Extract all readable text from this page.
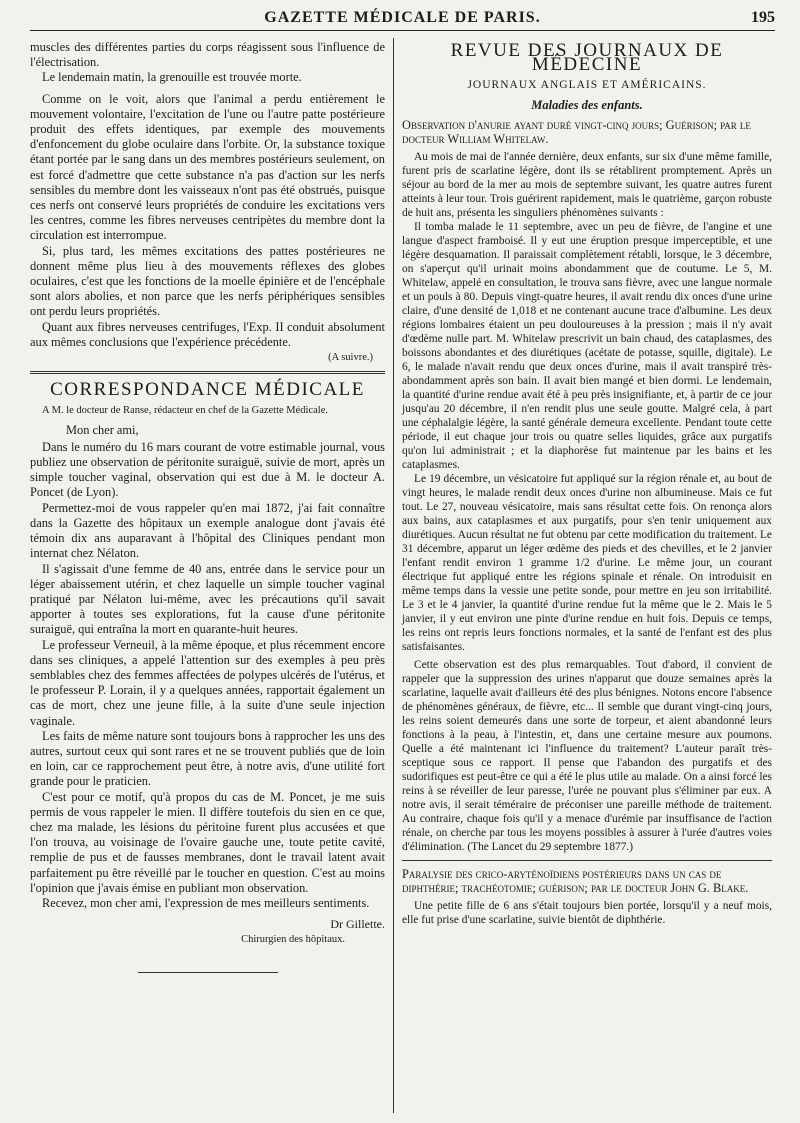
GAZETTE MÉDICALE DE PARIS.	195

muscles des différentes parties du corps réagissent sous l'influence de l'électrisation.

Le lendemain matin, la grenouille est trouvée morte.

Comme on le voit, alors que l'animal a perdu entièrement le mouvement volontaire, l'excitation de l'une ou l'autre patte postérieure produit des effets identiques, par exemple des mouvements d'enfoncement du globe oculaire dans l'orbite. Or, la substance toxique étant portée par le sang dans un des membres postérieurs seulement, on est forcé d'admettre que cette substance n'a pas d'action sur les nerfs sensibles du membre dont les vaisseaux n'ont pas été obstrués, puisque ces nerfs ont conservé leurs propriétés de conduire les excitations vers les centres, comme les fibres nerveuses centripètes du membre dont la circulation est interrompue.

Si, plus tard, les mêmes excitations des pattes postérieures ne donnent même plus lieu à des mouvements réflexes des globes oculaires, c'est que les fonctions de la moelle épinière et de l'encéphale sont alors abolies, et non parce que les nerfs périphériques sensibles ont perdu leurs propriétés.

Quant aux fibres nerveuses centrifuges, l'Exp. II conduit absolument aux mêmes conclusions que l'expérience précédente.

(A suivre.)
CORRESPONDANCE MÉDICALE
A M. le docteur de Ranse, rédacteur en chef de la Gazette Médicale.

Mon cher ami,

Dans le numéro du 16 mars courant de votre estimable journal, vous publiez une observation de péritonite suraiguë, suivie de mort, après un simple toucher vaginal, observation qui est due à M. le docteur A. Poncet (de Lyon).

Permettez-moi de vous rappeler qu'en mai 1872, j'ai fait connaître dans la Gazette des hôpitaux un exemple analogue dont j'avais été témoin dix ans auparavant à l'hôpital des Cliniques pendant mon internat chez Nélaton.

Il s'agissait d'une femme de 40 ans, entrée dans le service pour un léger abaissement utérin, et chez laquelle un simple toucher vaginal pratiqué par Nélaton lui-même, avec les précautions qu'il savait apporter à toutes ses explorations, fut la cause d'une péritonite suraiguë, qui entraîna la mort en quarante-huit heures.

Le professeur Verneuil, à la même époque, et plus récemment encore dans ses cliniques, a appelé l'attention sur des exemples à peu près semblables chez des femmes affectées de polypes ulcérés de l'utérus, et le professeur P. Lorain, il y a quelques années, rapportait également un cas de mort, chez une jeune fille, à la suite d'une seule injection vaginale.

Les faits de même nature sont toujours bons à rapprocher les uns des autres, surtout ceux qui sont rares et ne se trouvent publiés que de loin en loin, car ce rapprochement peut être, à notre avis, d'une utilité fort grande pour le praticien.

C'est pour ce motif, qu'à propos du cas de M. Poncet, je me suis permis de vous rappeler le mien. Il diffère toutefois du sien en ce que, chez ma malade, les lésions du péritoine furent plus accusées et que l'on trouva, au voisinage de l'ovaire gauche une, toute petite cavité, remplie de pus et de fausses membranes, dont le travail latent avait parfaitement pu être réveillé par le toucher en question. C'est au moins l'opinion que j'avais émise en publiant mon observation.

Recevez, mon cher ami, l'expression de mes meilleurs sentiments.

Dr Gillette.
Chirurgien des hôpitaux.
REVUE DES JOURNAUX DE MÉDECINE
JOURNAUX ANGLAIS ET AMÉRICAINS.
Maladies des enfants.
Observation d'anurie ayant duré vingt-cinq jours; Guérison; par le docteur William Whitelaw.

Au mois de mai de l'année dernière, deux enfants, sur six d'une même famille, furent pris de scarlatine légère, dont ils se rétablirent promptement. Après un séjour au bord de la mer au mois de septembre suivant, les quatre autres furent atteints à leur tour. Trois guérirent rapidement, mais le quatrième, garçon robuste de huit ans, présenta les singuliers phénomènes suivants :

Il tomba malade le 11 septembre, avec un peu de fièvre, de l'angine et une langue d'aspect framboisé. Il y eut une éruption presque imperceptible, et une légère desquamation. Il paraissait complètement rétabli, lorsque, le 3 décembre, on s'aperçut qu'il urinait moins abondamment que de coutume. Le 5, M. Whitelaw, appelé en consultation, le trouva sans fièvre, avec une langue normale et un pouls à 80. Depuis vingt-quatre heures, il avait rendu dix onces d'une urine claire, d'une densité de 1,018 et ne contenant aucune trace d'albumine. Les deux régions lombaires étaient un peu douloureuses à la pression ; mais il n'y avait d'œdème nulle part. M. Whitelaw prescrivit un bain chaud, des cataplasmes, des boissons abondantes et des diurétiques (acétate de potasse, squille, digitale). Le 6, le malade n'avait rendu que deux onces d'urine, mais il avait transpiré très-abondamment après son bain. Il avait bien mangé et bien dormi. Le lendemain, la quantité d'urine rendue avait été à peu près insignifiante, et, à partir de ce jour jusqu'au 20 décembre, il n'en rendit plus une seule goutte. Malgré cela, à part une céphalalgie légère, la santé générale demeura excellente. Pendant toute cette période, il eut chaque jour trois ou quatre selles liquides, grâce aux purgatifs qu'on lui administrait ; et la diaphorèse fut maintenue par les bains et les cataplasmes.

Le 19 décembre, un vésicatoire fut appliqué sur la région rénale et, au bout de vingt heures, le malade rendit deux onces d'urine non albumineuse. Mais ce fut tout. Le 27, nouveau vésicatoire, mais sans résultat cette fois. On renonça alors aux bains, aux cataplasmes et aux purgatifs, pour s'en tenir uniquement aux diurétiques. Aucun résultat ne fut obtenu par cette modification du traitement. Le 31 décembre, apparut un léger œdème des pieds et des chevilles, et le 2 janvier l'enfant rendit environ 1 gramme 1/2 d'urine. Le même jour, un courant électrique fut appliqué entre les régions spinale et rénale. On introduisit en même temps dans la vessie une petite sonde, pour mettre en jeu son irritabilité. Le 3 et le 4 janvier, la quantité d'urine rendue fut la même que le 2. Mais le 5 janvier, il y eut environ une pinte d'urine rendue en huit fois. Depuis ce temps, les reins ont repris leurs fonctions normales, et la santé de l'enfant est des plus satisfaisantes.

Cette observation est des plus remarquables. Tout d'abord, il convient de rappeler que la suppression des urines n'apparut que douze semaines après la scarlatine, laquelle avait d'ailleurs été des plus bénignes. Notons encore l'absence de phénomènes généraux, de fièvre, etc... Il semble que durant vingt-cinq jours, les reins soient demeurés dans une sorte de torpeur, et aient abandonné leurs fonctions à la peau, à l'intestin, et, dans une certaine mesure aux poumons. Quelle a été maintenant ici l'influence du traitement? L'auteur paraît très-sceptique sous ce rapport. Il pense que l'abandon des purgatifs et des sudorifiques est peut-être ce qui a été le plus utile au malade. On a ainsi forcé les reins à se réveiller de leur paresse, l'urée ne pouvant plus s'éliminer par eux. A notre avis, il serait téméraire de préconiser une pareille méthode de traitement. Au contraire, chaque fois qu'il y a menace d'urémie par insuffisance de l'action rénale, on cherche par tous les moyens possibles à assurer à l'urée d'autres voies d'élimination. (The Lancet du 29 septembre 1877.)

Paralysie des crico-aryténoïdiens postérieurs dans un cas de diphthérie; trachéotomie; guérison; par le docteur John G. Blake.

Une petite fille de 6 ans s'était toujours bien portée, lorsqu'il y a neuf mois, elle fut prise d'une scarlatine, suivie bientôt de diphthérie.
